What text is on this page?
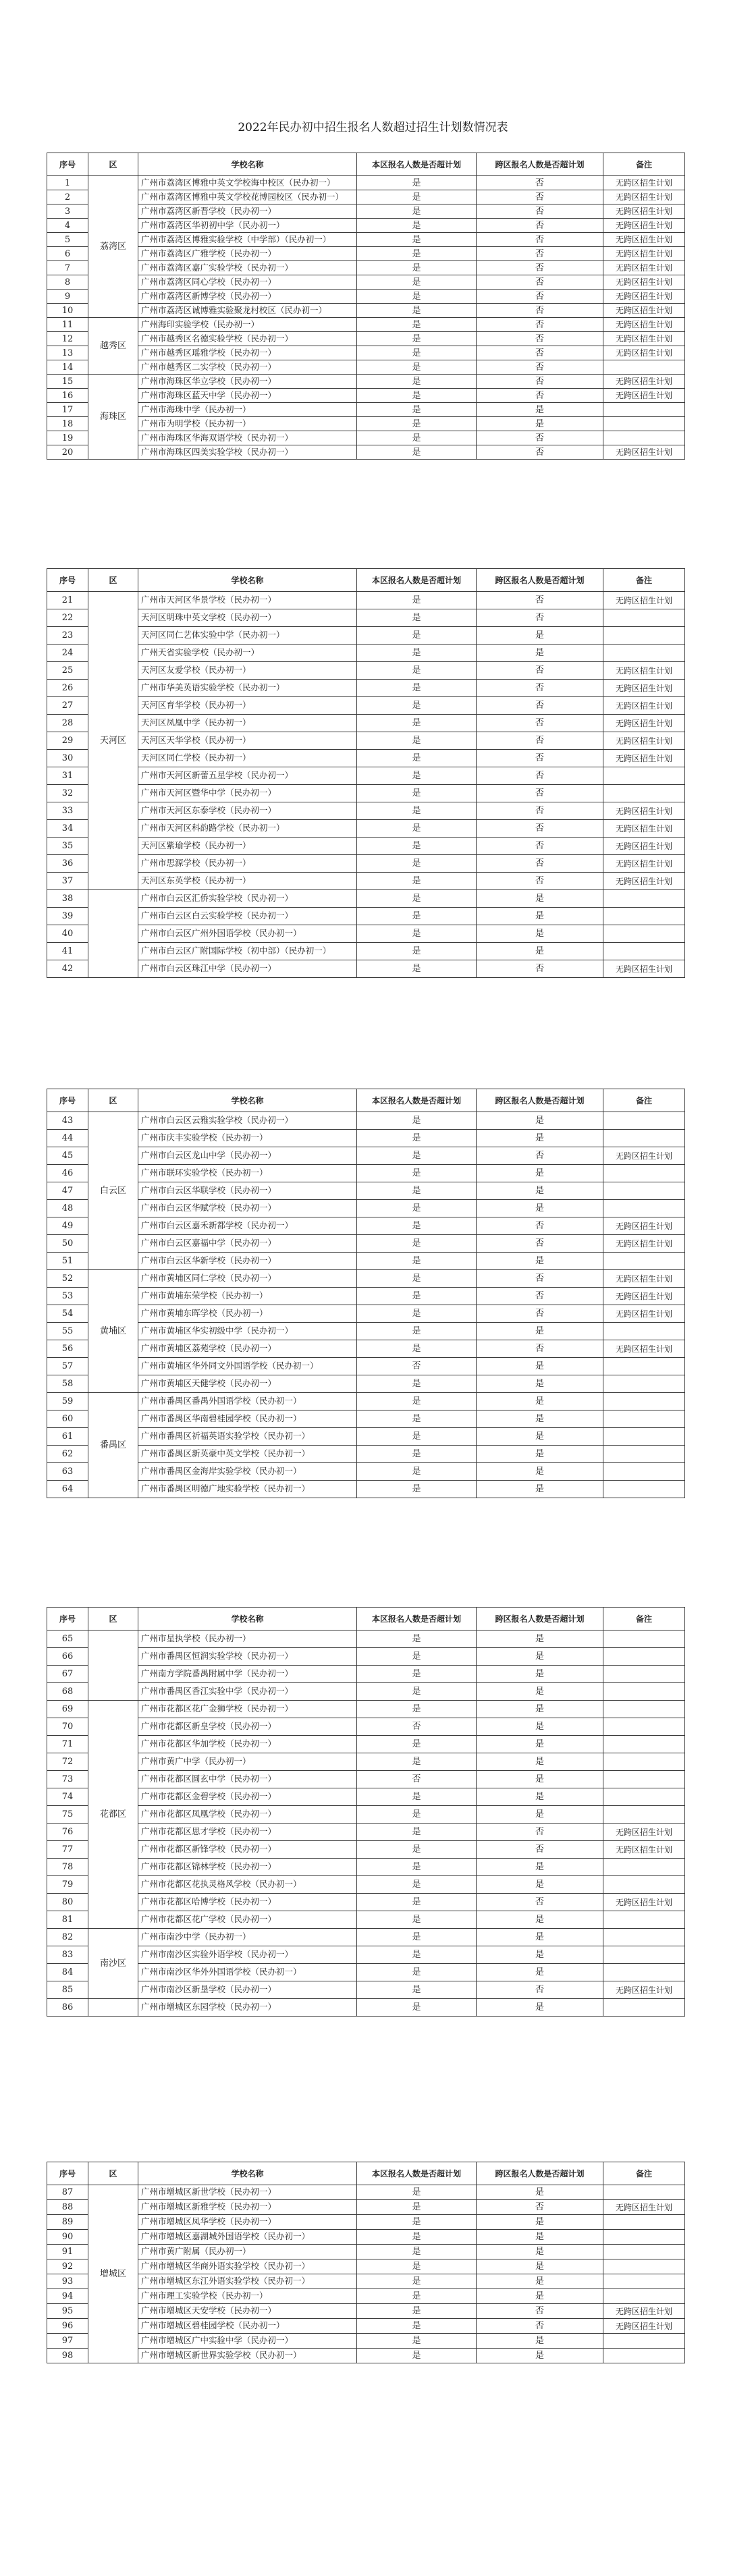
2022年民办初中招生报名人数超过招生计划数情况表
序号	区	学校名称	本区报名人数是否超计划	跨区报名人数是否超计划	备注
1	荔湾区	广州市荔湾区博雅中英文学校海中校区（民办初一）	是	否	无跨区招生计划
2		广州市荔湾区博雅中英文学校花博园校区（民办初一）	是	否	无跨区招生计划
3		广州市荔湾区新晋学校（民办初一）	是	否	无跨区招生计划
4		广州市荔湾区华初初中学（民办初一）	是	否	无跨区招生计划
5		广州市荔湾区博雅实验学校（中学部）（民办初一）	是	否	无跨区招生计划
6		广州市荔湾区广雅学校（民办初一）	是	否	无跨区招生计划
7		广州市荔湾区嘉广实验学校（民办初一）	是	否	无跨区招生计划
8		广州市荔湾区同心学校（民办初一）	是	否	无跨区招生计划
9		广州市荔湾区新博学校（民办初一）	是	否	无跨区招生计划
10		广州市荔湾区诚博雅实验聚龙村校区（民办初一）	是	否	无跨区招生计划
11	越秀区	广州海印实验学校（民办初一）	是	否	无跨区招生计划
12		广州市越秀区名德实验学校（民办初一）	是	否	无跨区招生计划
13		广州市越秀区瑶雅学校（民办初一）	是	否	无跨区招生计划
14		广州市越秀区二实学校（民办初一）	是	否	
15	海珠区	广州市海珠区华立学校（民办初一）	是	否	无跨区招生计划
16		广州市海珠区蓝天中学（民办初一）	是	否	无跨区招生计划
17		广州市海珠中学（民办初一）	是	是	
18		广州市为明学校（民办初一）	是	是	
19		广州市海珠区华海双语学校（民办初一）	是	否	
20		广州市海珠区四美实验学校（民办初一）	是	否	无跨区招生计划
序号	区	学校名称	本区报名人数是否超计划	跨区报名人数是否超计划	备注
21	天河区	广州市天河区华景学校（民办初一）	是	否	无跨区招生计划
22		天河区明珠中英文学校（民办初一）	是	否	
23		天河区同仁艺体实验中学（民办初一）	是	是	
24		广州天省实验学校（民办初一）	是	是	
25		天河区友爱学校（民办初一）	是	否	无跨区招生计划
26		广州市华美英语实验学校（民办初一）	是	否	无跨区招生计划
27		天河区育华学校（民办初一）	是	否	无跨区招生计划
28		天河区凤凰中学（民办初一）	是	否	无跨区招生计划
29		天河区天华学校（民办初一）	是	否	无跨区招生计划
30		天河区同仁学校（民办初一）	是	否	无跨区招生计划
31		广州市天河区新蕾五星学校（民办初一）	是	否	
32		广州市天河区暨华中学（民办初一）	是	否	
33		广州市天河区东泰学校（民办初一）	是	否	无跨区招生计划
34		广州市天河区科韵路学校（民办初一）	是	否	无跨区招生计划
35		天河区紫瑜学校（民办初一）	是	否	无跨区招生计划
36		广州市思源学校（民办初一）	是	否	无跨区招生计划
37		天河区东英学校（民办初一）	是	否	无跨区招生计划
38		广州市白云区汇侨实验学校（民办初一）	是	是	
39		广州市白云区白云实验学校（民办初一）	是	是	
40		广州市白云区广州外国语学校（民办初一）	是	是	
41		广州市白云区广附国际学校（初中部）（民办初一）	是	是	
42		广州市白云区珠江中学（民办初一）	是	否	无跨区招生计划
序号	区	学校名称	本区报名人数是否超计划	跨区报名人数是否超计划	备注
43	白云区	广州市白云区云雅实验学校（民办初一）	是	是	
44		广州市庆丰实验学校（民办初一）	是	是	
45		广州市白云区龙山中学（民办初一）	是	否	无跨区招生计划
46		广州市联环实验学校（民办初一）	是	是	
47		广州市白云区华联学校（民办初一）	是	是	
48		广州市白云区华赋学校（民办初一）	是	是	
49		广州市白云区嘉禾新都学校（民办初一）	是	否	无跨区招生计划
50		广州市白云区嘉福中学（民办初一）	是	否	无跨区招生计划
51		广州市白云区华新学校（民办初一）	是	是	
52	黄埔区	广州市黄埔区同仁学校（民办初一）	是	否	无跨区招生计划
53		广州市黄埔东荣学校（民办初一）	是	否	无跨区招生计划
54		广州市黄埔东晖学校（民办初一）	是	否	无跨区招生计划
55		广州市黄埔区华实初级中学（民办初一）	是	是	
56		广州市黄埔区荔苑学校（民办初一）	是	否	无跨区招生计划
57		广州市黄埔区华外同文外国语学校（民办初一）	否	是	
58		广州市黄埔区天健学校（民办初一）	是	是	
59	番禺区	广州市番禺区番禺外国语学校（民办初一）	是	是	
60		广州市番禺区华南碧桂园学校（民办初一）	是	是	
61		广州市番禺区祈福英语实验学校（民办初一）	是	是	
62		广州市番禺区新英豪中英文学校（民办初一）	是	是	
63		广州市番禺区金海岸实验学校（民办初一）	是	是	
64		广州市番禺区明德广地实验学校（民办初一）	是	是	
序号	区	学校名称	本区报名人数是否超计划	跨区报名人数是否超计划	备注
65		广州市星执学校（民办初一）	是	是	
66		广州市番禺区恒润实验学校（民办初一）	是	是	
67		广州南方学院番禺附属中学（民办初一）	是	是	
68		广州市番禺区香江实验中学（民办初一）	是	是	
69	花都区	广州市花都区花广金狮学校（民办初一）	是	是	
70		广州市花都区新皇学校（民办初一）	否	是	
71		广州市花都区华加学校（民办初一）	是	是	
72		广州市黄广中学（民办初一）	是	是	
73		广州市花都区圆玄中学（民办初一）	否	是	
74		广州市花都区金碧学校（民办初一）	是	是	
75		广州市花都区凤凰学校（民办初一）	是	是	
76		广州市花都区思才学校（民办初一）	是	否	无跨区招生计划
77		广州市花都区新锋学校（民办初一）	是	否	无跨区招生计划
78		广州市花都区锦林学校（民办初一）	是	是	
79		广州市花都区花执灵格风学校（民办初一）	是	是	
80		广州市花都区哈博学校（民办初一）	是	否	无跨区招生计划
81		广州市花都区花广学校（民办初一）	是	是	
82	南沙区	广州市南沙中学（民办初一）	是	是	
83		广州市南沙区实验外语学校（民办初一）	是	是	
84		广州市南沙区华外外国语学校（民办初一）	是	是	
85		广州市南沙区新垦学校（民办初一）	是	否	无跨区招生计划
86		广州市增城区东园学校（民办初一）	是	是	
序号	区	学校名称	本区报名人数是否超计划	跨区报名人数是否超计划	备注
87	增城区	广州市增城区新世学校（民办初一）	是	是	
88		广州市增城区新雅学校（民办初一）	是	否	无跨区招生计划
89		广州市增城区凤华学校（民办初一）	是	是	
90		广州市增城区嘉湖城外国语学校（民办初一）	是	是	
91		广州市黄广附属（民办初一）	是	是	
92		广州市增城区华商外语实验学校（民办初一）	是	是	
93		广州市增城区东江外语实验学校（民办初一）	是	是	
94		广州市理工实验学校（民办初一）	是	是	
95		广州市增城区天安学校（民办初一）	是	否	无跨区招生计划
96		广州市增城区碧桂园学校（民办初一）	是	否	无跨区招生计划
97		广州市增城区广中实验中学（民办初一）	是	是	
98		广州市增城区新世界实验学校（民办初一）	是	是	
